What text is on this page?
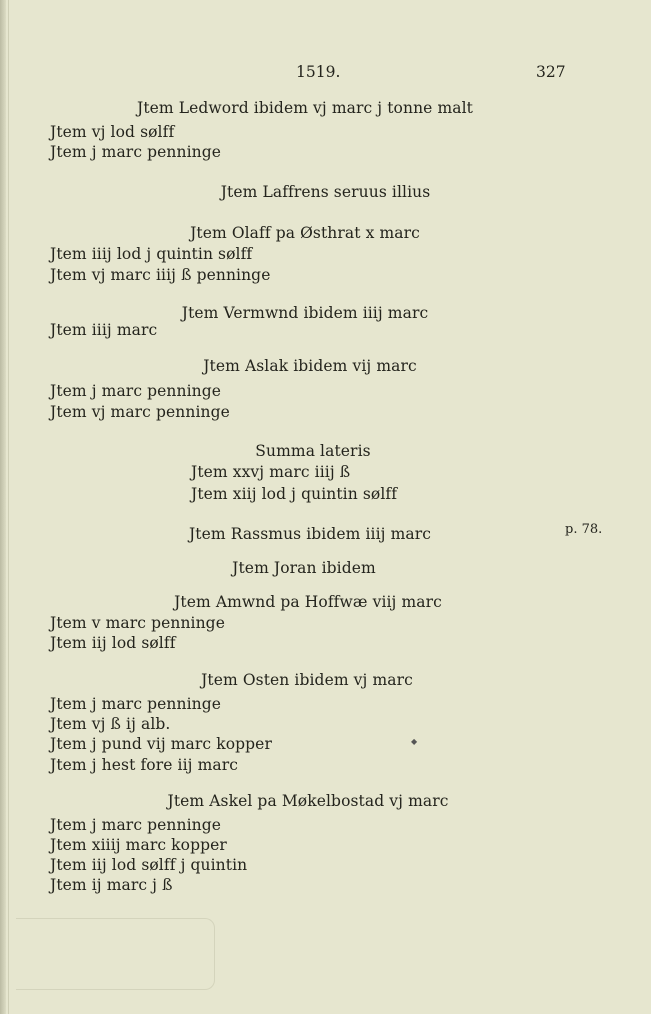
1519.	327
Jtem Ledword ibidem vj marc j tonne malt
Jtem vj lod sølff
Jtem j marc penninge
Jtem Laffrens seruus illius
Jtem Olaff pa Østhrat x marc
Jtem iiij lod j quintin sølff
Jtem vj marc iiij ß penninge
Jtem Vermwnd ibidem iiij marc
Jtem iiij marc
Jtem Aslak ibidem vij marc
Jtem j marc penninge
Jtem vj marc penninge
Summa lateris
Jtem xxvj marc iiij ß
Jtem xiij lod j quintin sølff
Jtem Rassmus ibidem iiij marc	p. 78.
Jtem Joran ibidem
Jtem Amwnd pa Hoffwæ viij marc
Jtem v marc penninge
Jtem iij lod sølff
Jtem Osten ibidem vj marc
Jtem j marc penninge
Jtem vj ß ij alb.
Jtem j pund vij marc kopper	◆
Jtem j hest fore iij marc
Jtem Askel pa Møkelbostad vj marc
Jtem j marc penninge
Jtem xiiij marc kopper
Jtem iij lod sølff j quintin
Jtem ij marc j ß
